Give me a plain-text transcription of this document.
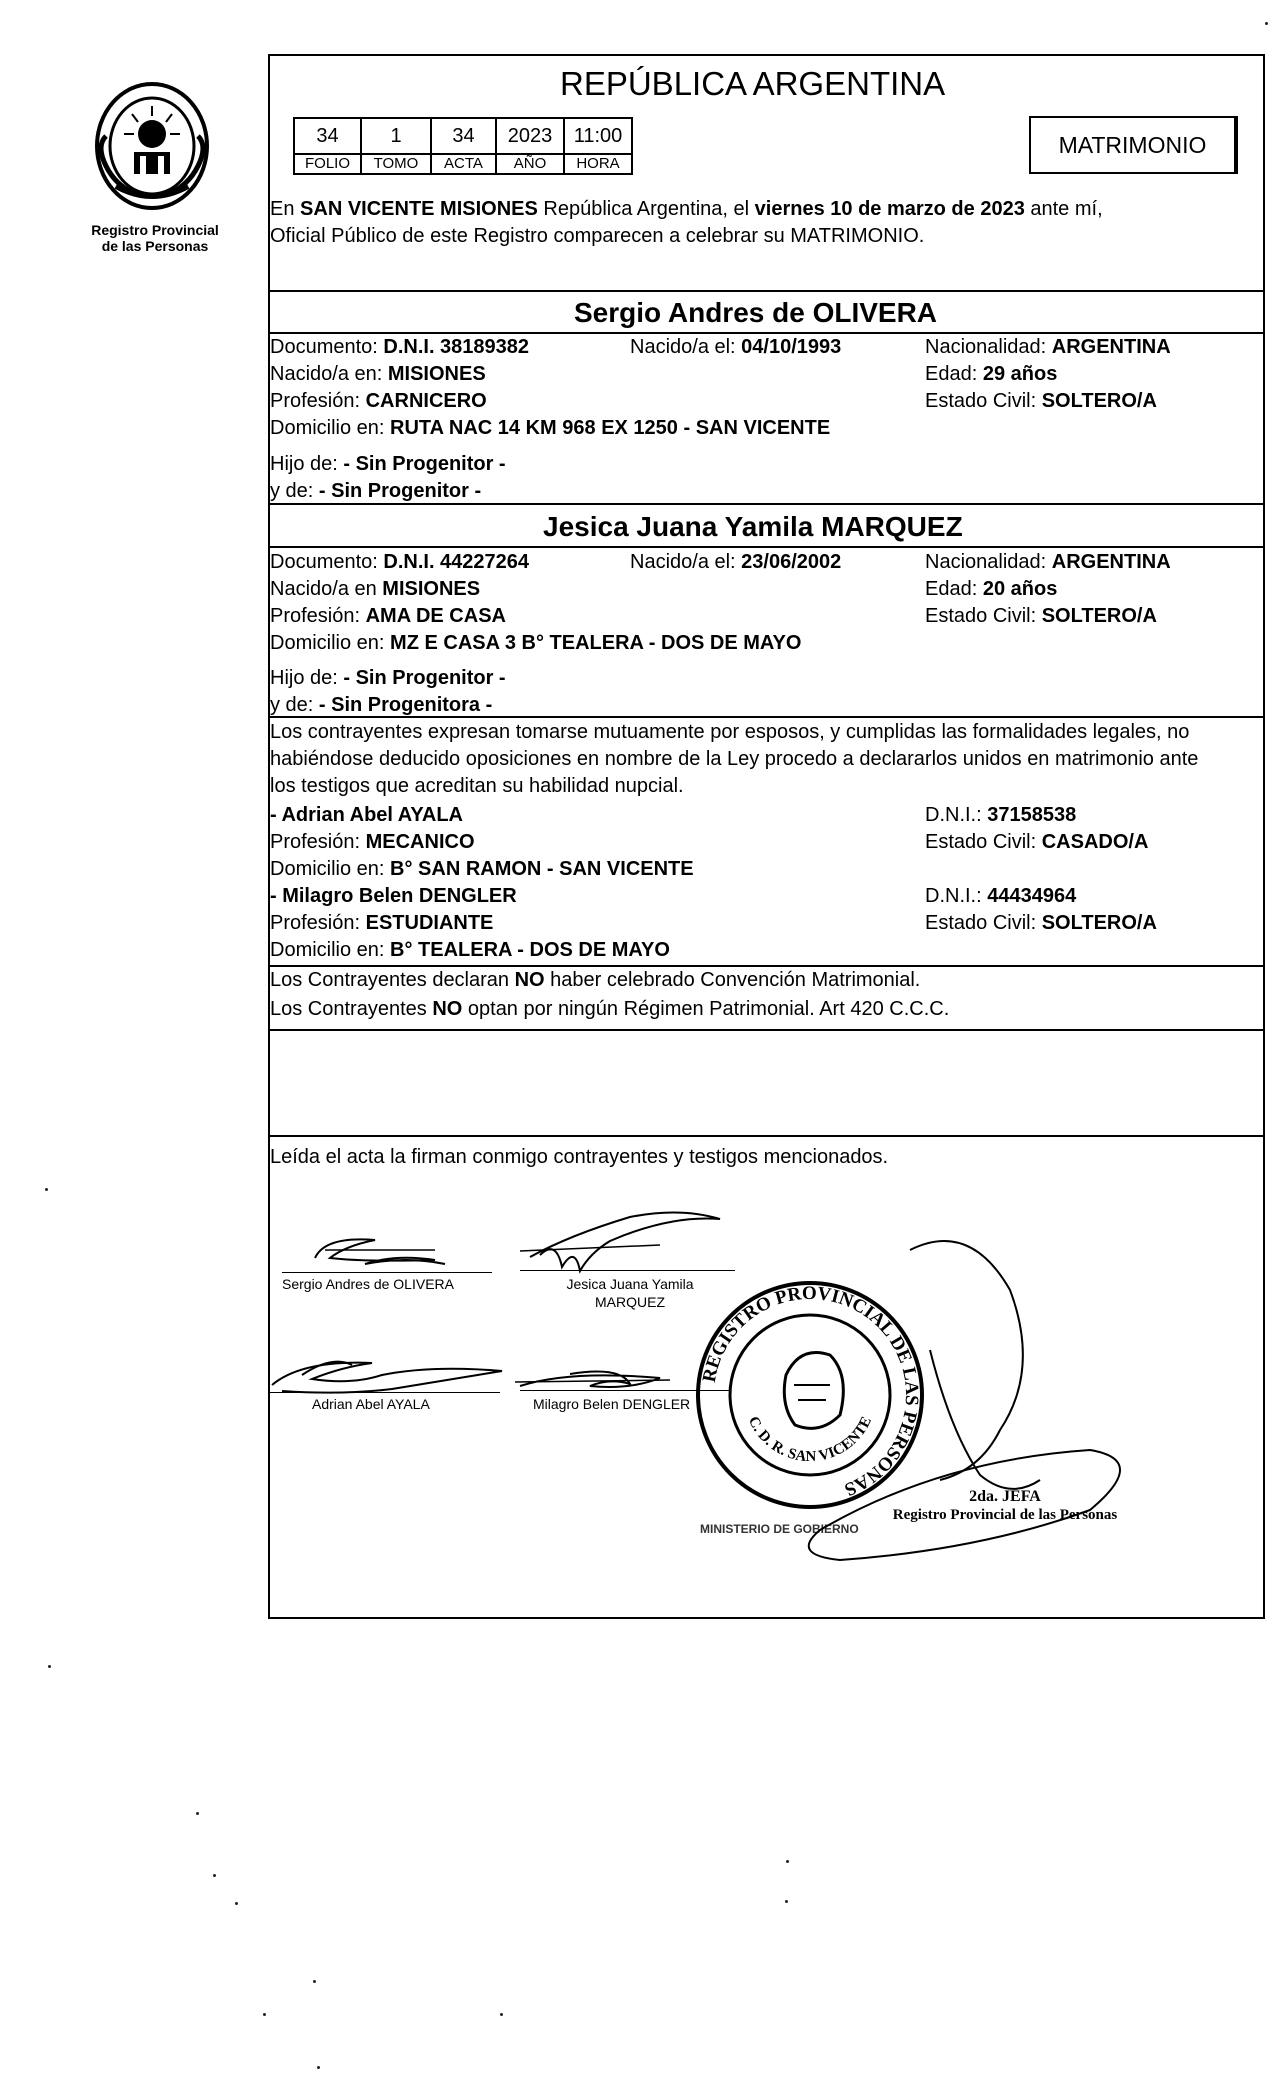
Registro Provincial
de las Personas
REPÚBLICA ARGENTINA
34	1	34	2023	11:00
FOLIO	TOMO	ACTA	AÑO	HORA
MATRIMONIO
En SAN VICENTE MISIONES República Argentina, el viernes 10 de marzo de 2023 ante mí,
Oficial Público de este Registro comparecen a celebrar su MATRIMONIO.
Sergio Andres de OLIVERA
Documento: D.N.I. 38189382	Nacido/a el: 04/10/1993	Nacionalidad: ARGENTINA
Nacido/a en: MISIONES	Edad: 29 años
Profesión: CARNICERO	Estado Civil: SOLTERO/A
Domicilio en: RUTA NAC 14 KM 968 EX 1250 - SAN VICENTE
Hijo de: - Sin Progenitor -
y de: - Sin Progenitor -
Jesica Juana Yamila MARQUEZ
Documento: D.N.I. 44227264	Nacido/a el: 23/06/2002	Nacionalidad: ARGENTINA
Nacido/a en MISIONES	Edad: 20 años
Profesión: AMA DE CASA	Estado Civil: SOLTERO/A
Domicilio en: MZ E CASA 3 B° TEALERA - DOS DE MAYO
Hijo de: - Sin Progenitor -
y de: - Sin Progenitora -
Los contrayentes expresan tomarse mutuamente por esposos, y cumplidas las formalidades legales, no
habiéndose deducido oposiciones en nombre de la Ley procedo a declararlos unidos en matrimonio ante
los testigos que acreditan su habilidad nupcial.
- Adrian Abel AYALA	D.N.I.: 37158538
Profesión: MECANICO	Estado Civil: CASADO/A
Domicilio en: B° SAN RAMON - SAN VICENTE
- Milagro Belen DENGLER	D.N.I.: 44434964
Profesión: ESTUDIANTE	Estado Civil: SOLTERO/A
Domicilio en: B° TEALERA - DOS DE MAYO
Los Contrayentes declaran NO haber celebrado Convención Matrimonial.
Los Contrayentes NO optan por ningún Régimen Patrimonial. Art 420 C.C.C.
Leída el acta la firman conmigo contrayentes y testigos mencionados.
Sergio Andres de OLIVERA	Jesica Juana Yamila
MARQUEZ
Adrian Abel AYALA	Milagro Belen DENGLER
REGISTRO PROVINCIAL DE LAS PERSONAS
C. D. R. SAN VICENTE
MINISTERIO DE GOBIERNO
2da. JEFA
Registro Provincial de las Personas
